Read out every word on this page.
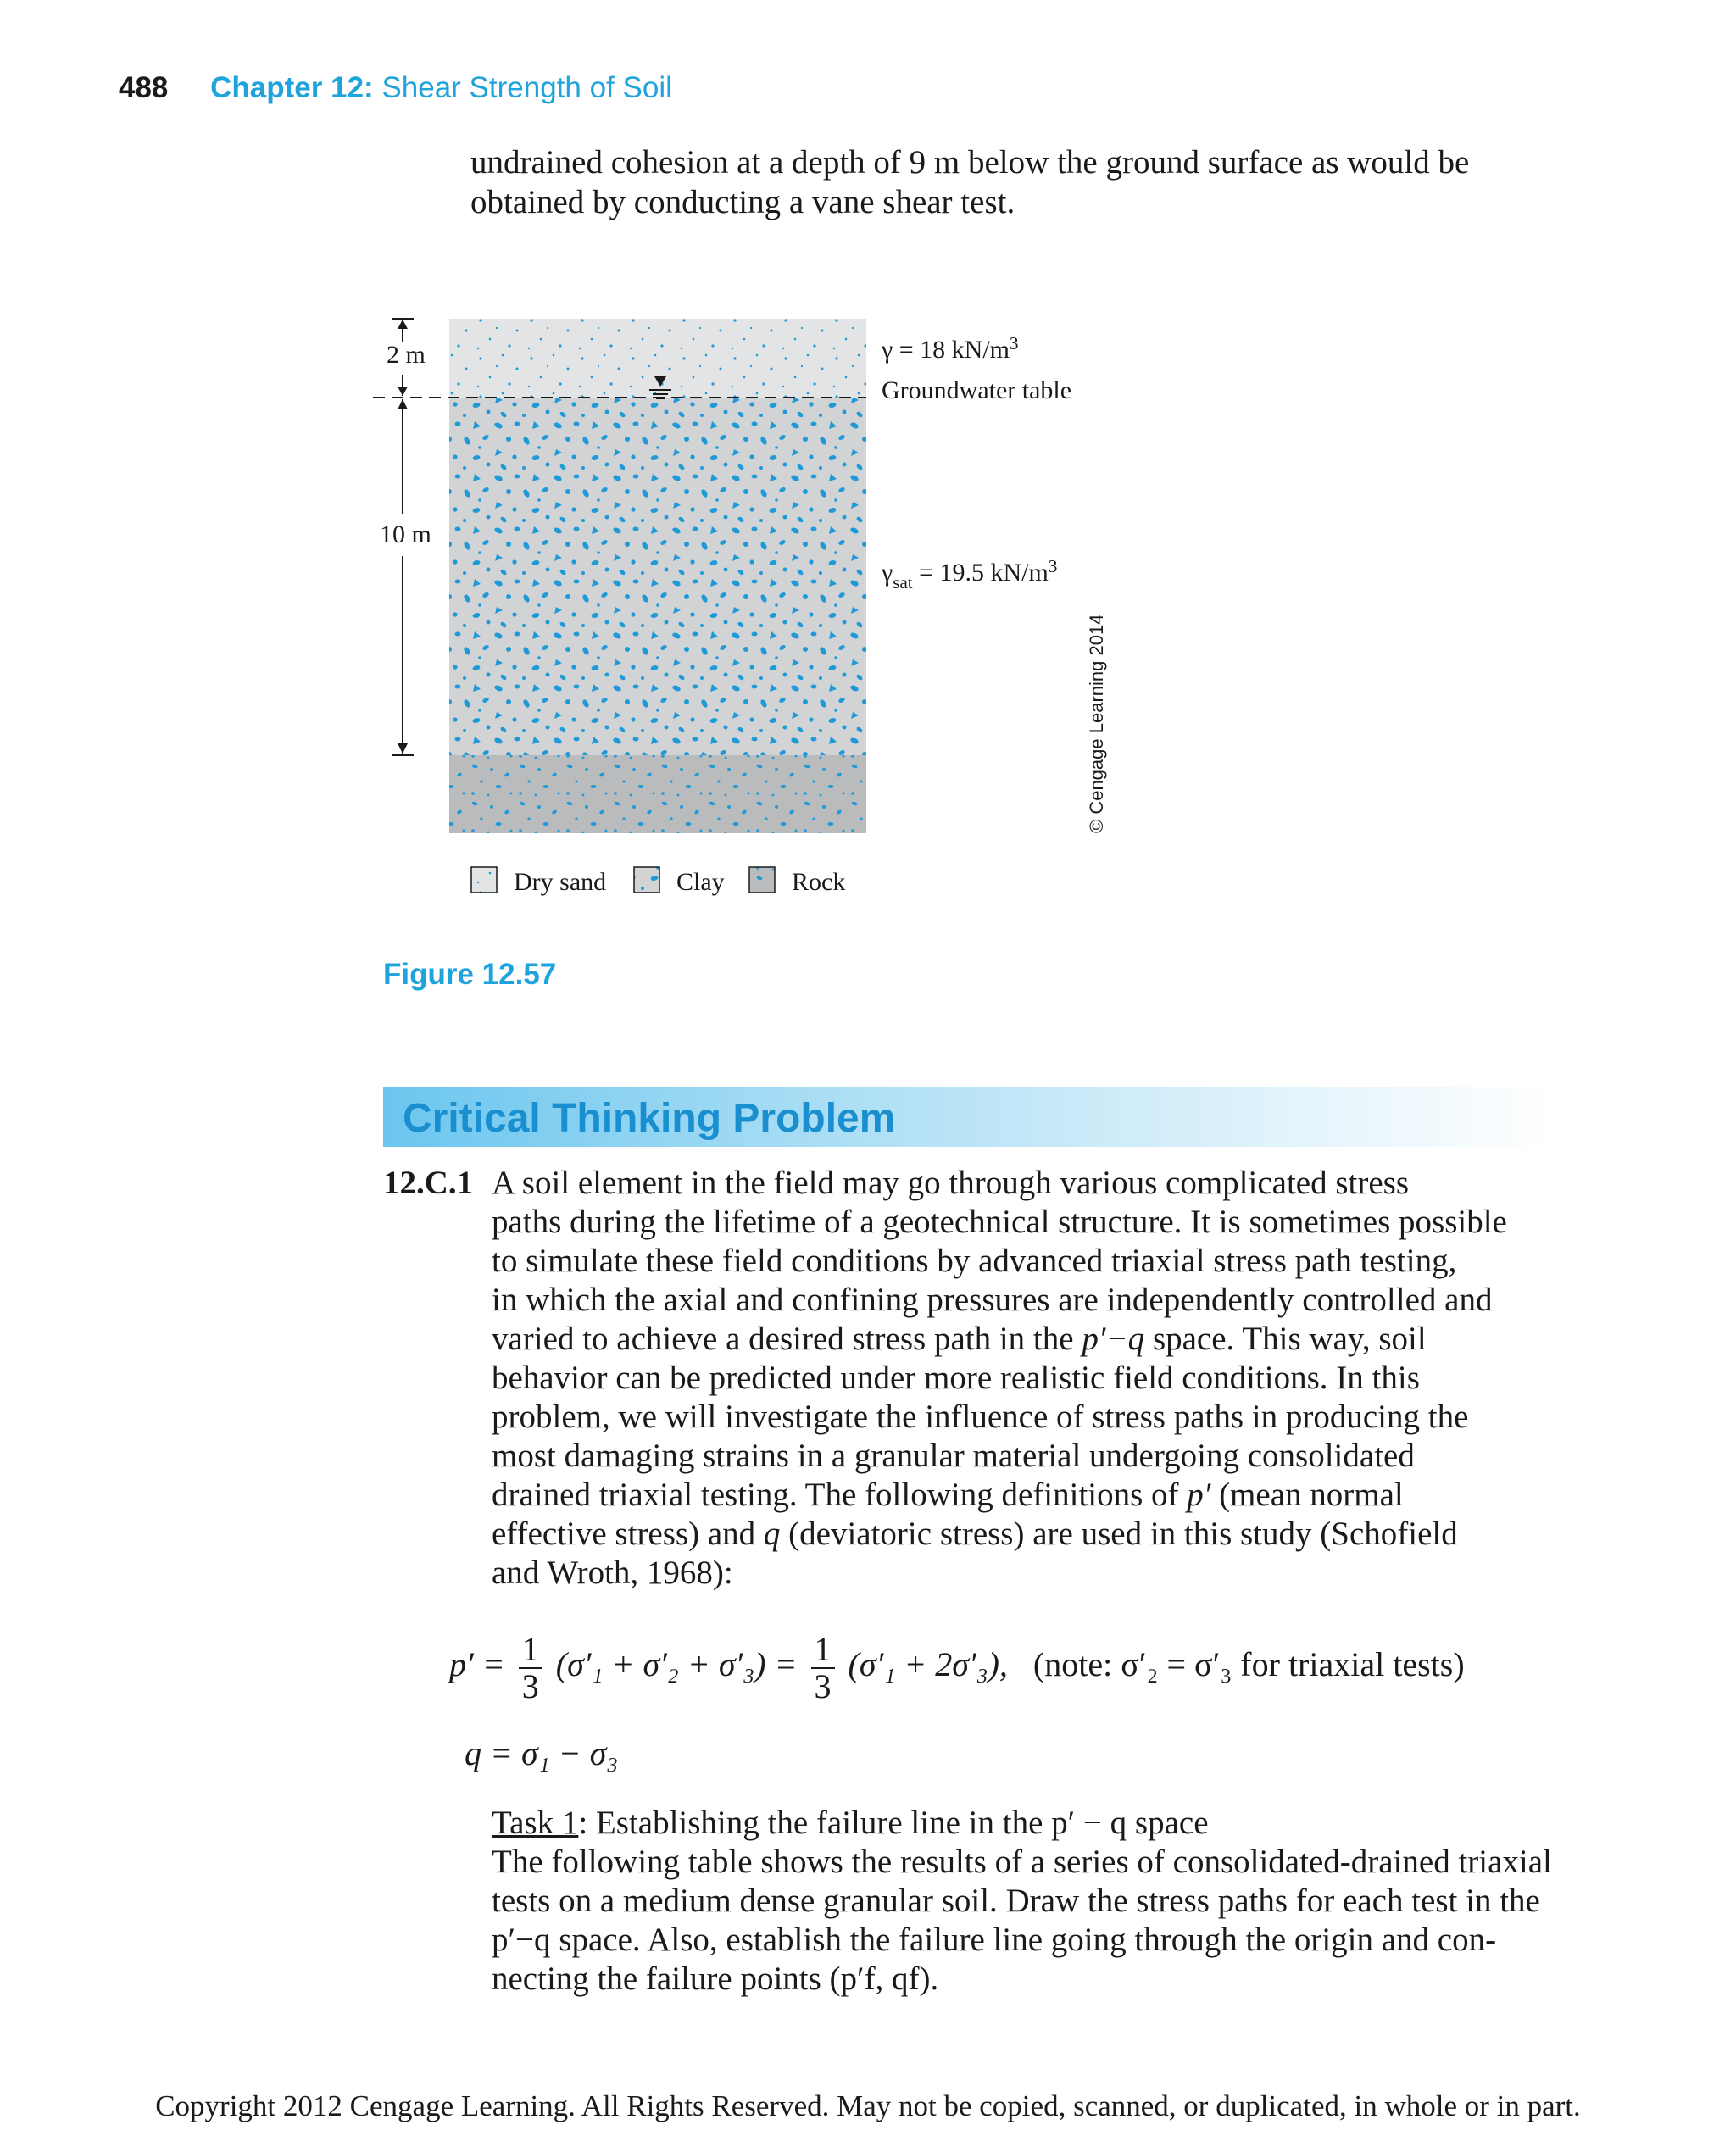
488 Chapter 12: Shear Strength of Soil

undrained cohesion at a depth of 9 m below the ground surface as would be

obtained by conducting a vane shear test.

2 m
10 m
γ = 18 $kN/m^3$
Groundwater table
$\gamma_{sat} = 19.5$ $kN/m^3$
© Cengage Learning 2014
Dry sand	Clay	Rock
Figure 12.57
Critical Thinking Problem
12.C.1 A soil element in the field may go through various complicated stress
paths during the lifetime of a geotechnical structure. It is sometimes possible
to simulate these field conditions by advanced triaxial stress path testing,
in which the axial and confining pressures are independently controlled and
varied to achieve a desired stress path in the p′−q space. This way, soil
behavior can be predicted under more realistic field conditions. In this
problem, we will investigate the influence of stress paths in producing the
most damaging strains in a granular material undergoing consolidated
drained triaxial testing. The following definitions of p′ (mean normal
effective stress) and q (deviatoric stress) are used in this study (Schofield
and Wroth, 1968):
$p' = \frac{1}{3} (\sigma'_1 + \sigma'_2 + \sigma'_3) = \frac{1}{3} (\sigma'_1 + 2\sigma'_3)$, (note: σ′₂ = σ′₃ for triaxial tests)
q = σ₁ − σ₃
Task 1: Establishing the failure line in the p′ − q space
The following table shows the results of a series of consolidated-drained triaxial
tests on a medium dense granular soil. Draw the stress paths for each test in the
p′−q space. Also, establish the failure line going through the origin and con-
necting the failure points (p′f, qf).
Copyright 2012 Cengage Learning. All Rights Reserved. May not be copied, scanned, or duplicated, in whole or in part.
